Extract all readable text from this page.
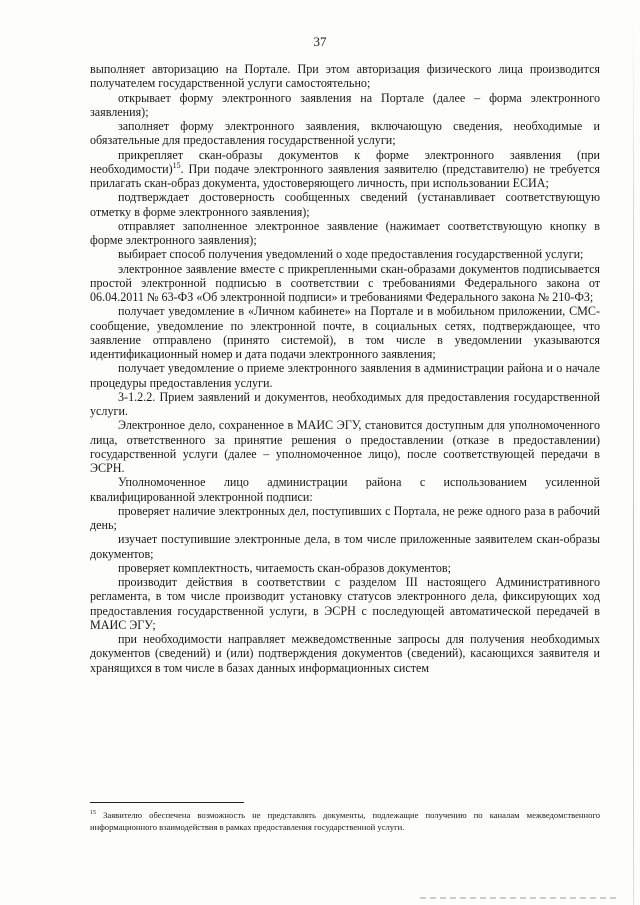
37

выполняет авторизацию на Портале. При этом авторизация физического лица производится получателем государственной услуги самостоятельно;

открывает форму электронного заявления на Портале (далее – форма электронного заявления);

заполняет форму электронного заявления, включающую сведения, необходимые и обязательные для предоставления государственной услуги;

прикрепляет скан-образы документов к форме электронного заявления (при необходимости)$^{15}$. При подаче электронного заявления заявителю (представителю) не требуется прилагать скан-образ документа, удостоверяющего личность, при использовании ЕСИА;

подтверждает достоверность сообщенных сведений (устанавливает соответствующую отметку в форме электронного заявления);

отправляет заполненное электронное заявление (нажимает соответствующую кнопку в форме электронного заявления);

выбирает способ получения уведомлений о ходе предоставления государственной услуги;

электронное заявление вместе с прикрепленными скан-образами документов подписывается простой электронной подписью в соответствии с требованиями Федерального закона от 06.04.2011 № 63-ФЗ «Об электронной подписи» и требованиями Федерального закона № 210-ФЗ;

получает уведомление в «Личном кабинете» на Портале и в мобильном приложении, СМС-сообщение, уведомление по электронной почте, в социальных сетях, подтверждающее, что заявление отправлено (принято системой), в том числе в уведомлении указываются идентификационный номер и дата подачи электронного заявления;

получает уведомление о приеме электронного заявления в администрации района и о начале процедуры предоставления услуги.

3-1.2.2. Прием заявлений и документов, необходимых для предоставления государственной услуги.

Электронное дело, сохраненное в МАИС ЭГУ, становится доступным для уполномоченного лица, ответственного за принятие решения о предоставлении (отказе в предоставлении) государственной услуги (далее – уполномоченное лицо), после соответствующей передачи в ЭСРН.

Уполномоченное лицо администрации района с использованием усиленной квалифицированной электронной подписи:

проверяет наличие электронных дел, поступивших с Портала, не реже одного раза в рабочий день;

изучает поступившие электронные дела, в том числе приложенные заявителем скан-образы документов;

проверяет комплектность, читаемость скан-образов документов;

производит действия в соответствии с разделом III настоящего Административного регламента, в том числе производит установку статусов электронного дела, фиксирующих ход предоставления государственной услуги, в ЭСРН с последующей автоматической передачей в МАИС ЭГУ;

при необходимости направляет межведомственные запросы для получения необходимых документов (сведений) и (или) подтверждения документов (сведений), касающихся заявителя и хранящихся в том числе в базах данных информационных систем

$^{15}$ Заявителю обеспечена возможность не представлять документы, подлежащие получению по каналам межведомственного информационного взаимодействия в рамках предоставления государственной услуги.
